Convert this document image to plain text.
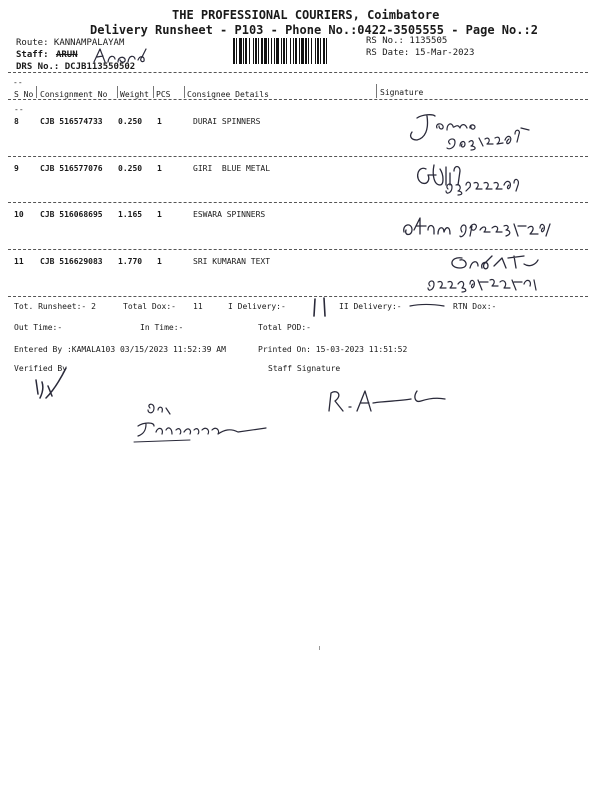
THE PROFESSIONAL COURIERS, Coimbatore
Delivery Runsheet - P103 - Phone No.:0422-3505555 - Page No.:2
Route: KANNAMPALAYAM
Staff: ARUN
DRS No.: DCJB113550502
RS No.: 1135505
RS Date: 15-Mar-2023
--
S No Consignment No Weight PCS Consignee Details	Signature
--
8	CJB 516574733 0.250 1	DURAI SPINNERS
9	CJB 516577076 0.250 1	GIRI  BLUE METAL
10 CJB 516068695 1.165 1	ESWARA SPINNERS
11 CJB 516629083 1.770 1	SRI KUMARAN TEXT
Tot. Runsheet:- 2	Total Dox:- 11	I Delivery:-	II Delivery:-	RTN Dox:-
Out Time:-	In Time:-	Total POD:-
Entered By :KAMALA103 03/15/2023 11:52:39 AM	Printed On: 15-03-2023 11:51:52
Verified By	Staff Signature
